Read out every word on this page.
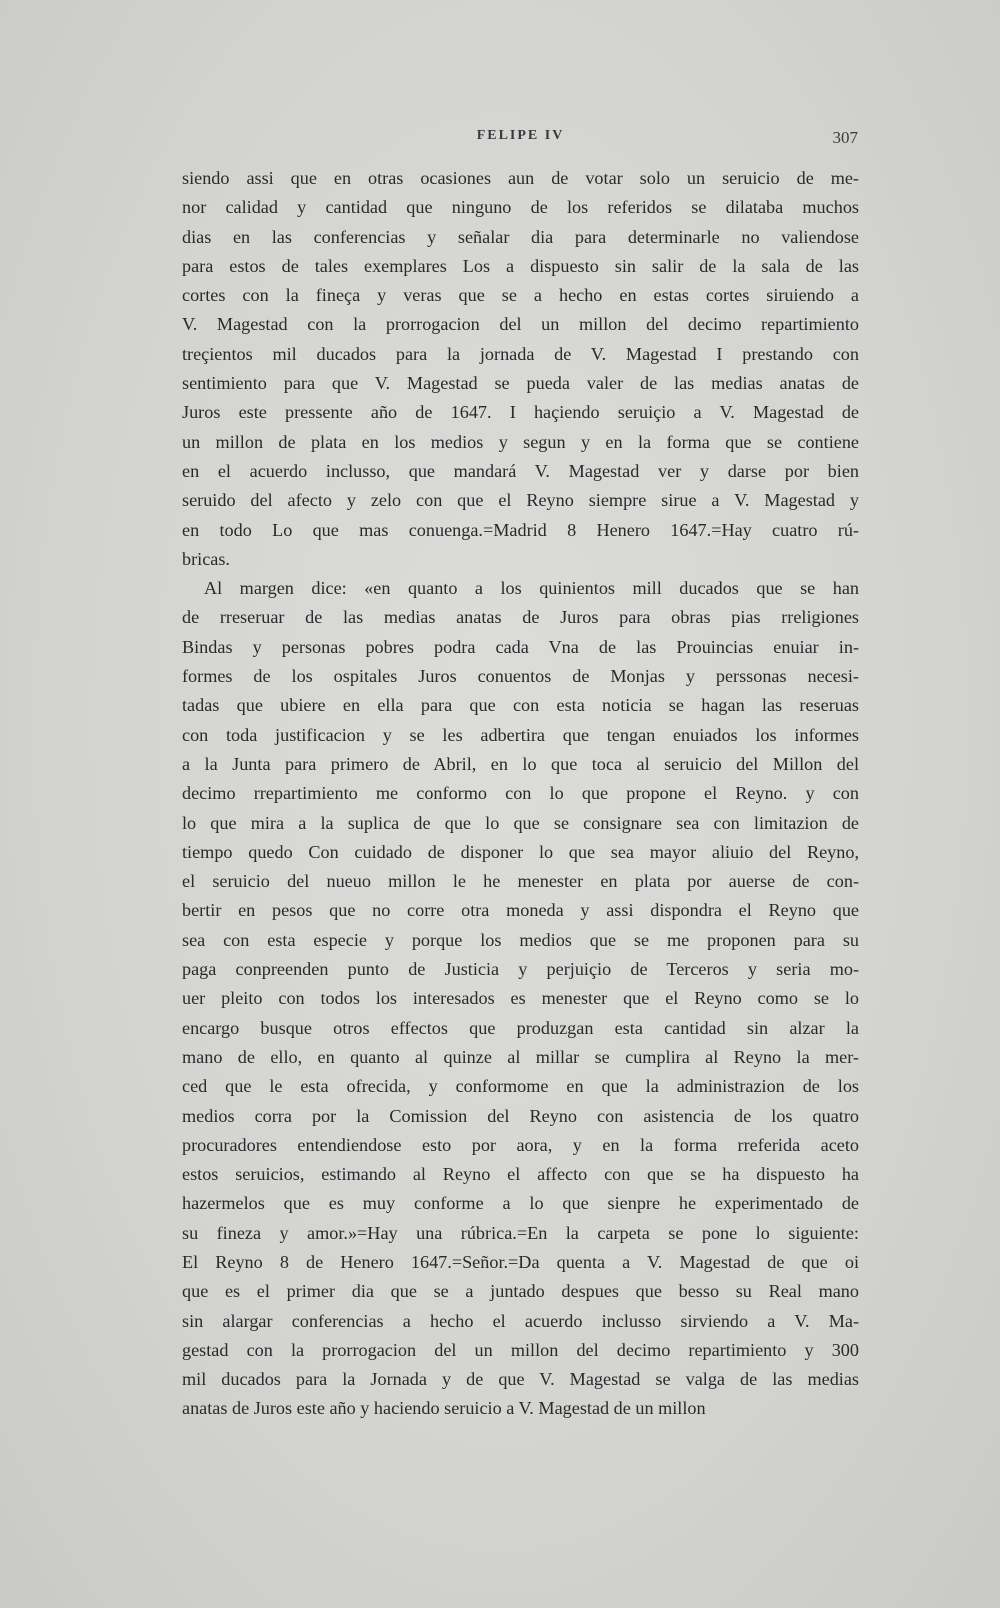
FELIPE IV	307
siendo assi que en otras ocasiones aun de votar solo un seruicio de me-
nor calidad y cantidad que ninguno de los referidos se dilataba muchos
dias en las conferencias y señalar dia para determinarle no valiendose
para estos de tales exemplares Los a dispuesto sin salir de la sala de las
cortes con la fineça y veras que se a hecho en estas cortes siruiendo a
V. Magestad con la prorrogacion del un millon del decimo repartimiento
treçientos mil ducados para la jornada de V. Magestad I prestando con
sentimiento para que V. Magestad se pueda valer de las medias anatas de
Juros este pressente año de 1647. I haçiendo seruiçio a V. Magestad de
un millon de plata en los medios y segun y en la forma que se contiene
en el acuerdo inclusso, que mandará V. Magestad ver y darse por bien
seruido del afecto y zelo con que el Reyno siempre sirue a V. Magestad y
en todo Lo que mas conuenga.=Madrid 8 Henero 1647.=Hay cuatro rú-
bricas.
Al margen dice: «en quanto a los quinientos mill ducados que se han
de rreseruar de las medias anatas de Juros para obras pias rreligiones
Bindas y personas pobres podra cada Vna de las Prouincias enuiar in-
formes de los ospitales Juros conuentos de Monjas y perssonas necesi-
tadas que ubiere en ella para que con esta noticia se hagan las reseruas
con toda justificacion y se les adbertira que tengan enuiados los informes
a la Junta para primero de Abril, en lo que toca al seruicio del Millon del
decimo rrepartimiento me conformo con lo que propone el Reyno. y con
lo que mira a la suplica de que lo que se consignare sea con limitazion de
tiempo quedo Con cuidado de disponer lo que sea mayor aliuio del Reyno,
el seruicio del nueuo millon le he menester en plata por auerse de con-
bertir en pesos que no corre otra moneda y assi dispondra el Reyno que
sea con esta especie y porque los medios que se me proponen para su
paga conpreenden punto de Justicia y perjuiçio de Terceros y seria mo-
uer pleito con todos los interesados es menester que el Reyno como se lo
encargo busque otros effectos que produzgan esta cantidad sin alzar la
mano de ello, en quanto al quinze al millar se cumplira al Reyno la mer-
ced que le esta ofrecida, y conformome en que la administrazion de los
medios corra por la Comission del Reyno con asistencia de los quatro
procuradores entendiendose esto por aora, y en la forma rreferida aceto
estos seruicios, estimando al Reyno el affecto con que se ha dispuesto ha
hazermelos que es muy conforme a lo que sienpre he experimentado de
su fineza y amor.»=Hay una rúbrica.=En la carpeta se pone lo siguiente:
El Reyno 8 de Henero 1647.=Señor.=Da quenta a V. Magestad de que oi
que es el primer dia que se a juntado despues que besso su Real mano
sin alargar conferencias a hecho el acuerdo inclusso sirviendo a V. Ma-
gestad con la prorrogacion del un millon del decimo repartimiento y 300
mil ducados para la Jornada y de que V. Magestad se valga de las medias
anatas de Juros este año y haciendo seruicio a V. Magestad de un millon
